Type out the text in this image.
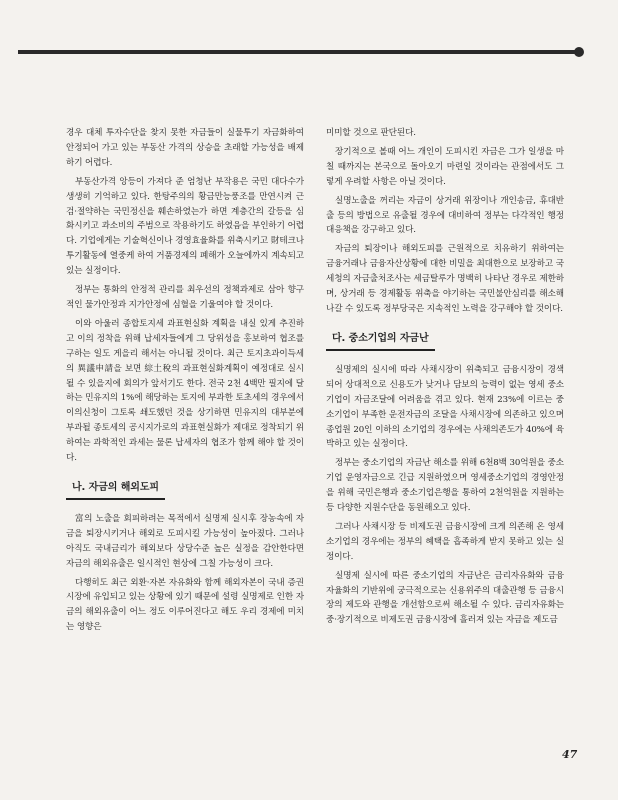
경우 대체 투자수단을 찾지 못한 자금들이 실물투기 자금화하여 안정되어 가고 있는 부동산 가격의 상승을 초래할 가능성을 배제하기 어렵다.

부동산가격 앙등이 가져다 준 엄청난 부작용은 국민 대다수가 생생히 기억하고 있다. 한탕주의의 황금만능풍조를 만연시켜 근검·절약하는 국민정신을 훼손하였는가 하면 계층간의 갈등을 심화시키고 과소비의 주범으로 작용하기도 하였음을 부인하기 어렵다. 기업에게는 기술혁신이나 경영효율화를 위축시키고 財테크나 투기활동에 열중케 하여 거품경제의 폐해가 오늘에까지 계속되고 있는 실정이다.

정부는 통화의 안정적 관리를 최우선의 정책과제로 삼아 향구적인 물가안정과 지가안정에 심혈을 기울여야 할 것이다.

이와 아울러 종합토지세 과표현실화 계획을 내실 있게 추진하고 이의 정착을 위해 납세자들에게 그 당위성을 홍보하여 협조를 구하는 일도 게을리 해서는 아니될 것이다. 최근 토지초과이득세의 異議申請을 보면 綜土稅의 과표현실화계획이 예정대로 실시될 수 있을지에 회의가 앞서기도 한다. 전국 2천 4백만 필지에 달하는 민유지의 1%에 해당하는 토지에 부과한 토초세의 경우에서 이의신청이 그토록 쇄도했던 것을 상기하면 민유지의 대부분에 부과될 종토세의 공시지가로의 과표현실화가 제대로 정착되기 위하여는 과학적인 과세는 물론 납세자의 협조가 함께 해야 할 것이다.

나. 자금의 해외도피

富의 노출을 회피하려는 목적에서 실명제 실시후 장농속에 자금을 퇴장시키거나 해외로 도피시킬 가능성이 높아졌다. 그러나 아직도 국내금리가 해외보다 상당수준 높은 실정을 감안한다면 자금의 해외유출은 일시적인 현상에 그칠 가능성이 크다.

다행히도 최근 외환·자본 자유화와 함께 해외자본이 국내 증권시장에 유입되고 있는 상황에 있기 때문에 설령 실명제로 인한 자금의 해외유출이 어느 정도 이루어진다고 해도 우리 경제에 미치는 영향은

미미할 것으로 판단된다.

장기적으로 볼때 어느 개인이 도피시킨 자금은 그가 일생을 마칠 때까지는 본국으로 돌아오기 마련일 것이라는 관점에서도 그렇게 우려할 사항은 아닐 것이다.

실명노출을 꺼리는 자금이 상거래 위장이나 개인송금, 휴대반출 등의 방법으로 유출될 경우에 대비하여 정부는 다각적인 행정대응책을 강구하고 있다.

자금의 퇴장이나 해외도피를 근원적으로 치유하기 위하여는 금융거래나 금융자산상황에 대한 비밀을 최대한으로 보장하고 국세청의 자금출처조사는 세금탈루가 명백히 나타난 경우로 제한하며, 상거래 등 경제활동 위축을 야기하는 국민불안심리를 해소해 나갈 수 있도록 정부당국은 지속적인 노력을 강구해야 할 것이다.

다. 중소기업의 자금난

실명제의 실시에 따라 사채시장이 위축되고 금융시장이 경색되어 상대적으로 신용도가 낮거나 담보의 능력이 없는 영세 중소기업이 자금조달에 어려움을 겪고 있다. 현재 23%에 이르는 중소기업이 부족한 운전자금의 조달을 사채시장에 의존하고 있으며 종업원 20인 이하의 소기업의 경우에는 사채의존도가 40%에 육박하고 있는 실정이다.

정부는 중소기업의 자금난 해소를 위해 6천8백 30억원을 중소기업 운영자금으로 긴급 지원하였으며 영세중소기업의 경영안정을 위해 국민은행과 중소기업은행을 통하여 2천억원을 지원하는 등 다양한 지원수단을 동원해오고 있다.

그러나 사채시장 등 비제도권 금융시장에 크게 의존해 온 영세소기업의 경우에는 정부의 혜택을 흡족하게 받지 못하고 있는 실정이다.

실명제 실시에 따른 중소기업의 자금난은 금리자유화와 금융자율화의 기반위에 궁극적으로는 신용위주의 대출관행 등 금융시장의 제도와 관행을 개선함으로써 해소될 수 있다. 금리자유화는 중·장기적으로 비제도권 금융시장에 흘러져 있는 자금을 제도금

47
